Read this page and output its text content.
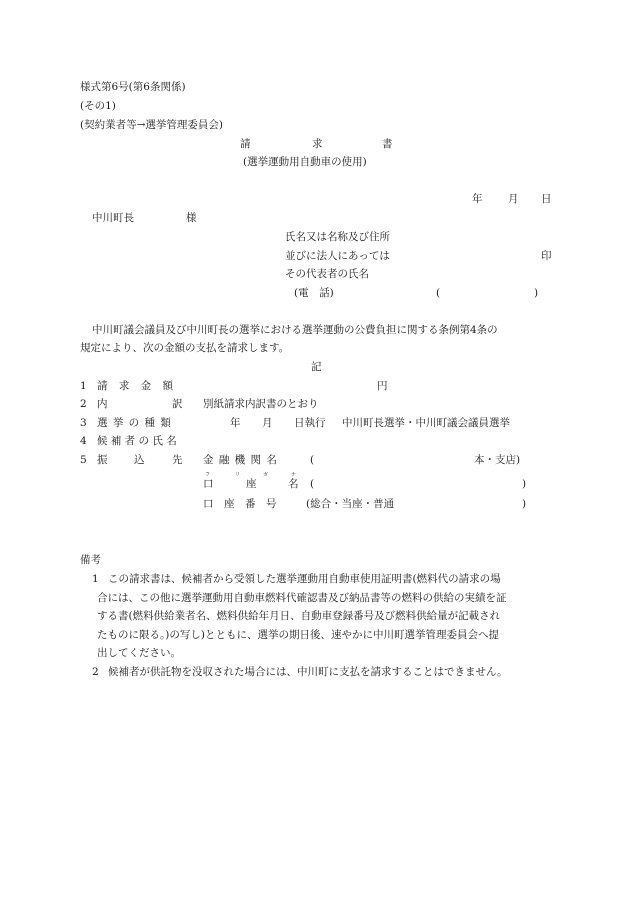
様式第6号(第6条関係)
(その1)
(契約業者等→選挙管理委員会)
請	求	書
(選挙運動用自動車の使用)
年 月 日
中川町長	様
氏名又は名称及び住所
並びに法人にあっては	印
その代表者の氏名
(電　話)	(	)
中川町議会議員及び中川町長の選挙における選挙運動の公費負担に関する条例第4条の
規定により、次の金額の支払を請求します。
記
1 請 求 金 額	円
2 内	訳 別紙請求内訳書のとおり
3 選 挙 の 種 類	年 月 日執行 中川町長選挙・中川町議会議員選挙
4 候 補 者 の 氏 名
5 振	込	先 金 融 機 関 名	(	本・支店)
フ	リ	ガ	ナ
口	座	名 (	)
口　座　番　号	(総合・当座・普通	)
備考
1 この請求書は、候補者から受領した選挙運動用自動車使用証明書(燃料代の請求の場
合には、この他に選挙運動用自動車燃料代確認書及び納品書等の燃料の供給の実績を証
する書(燃料供給業者名、燃料供給年月日、自動車登録番号及び燃料供給量が記載され
たものに限る。)の写し)とともに、選挙の期日後、速やかに中川町選挙管理委員会へ提
出してください。
2 候補者が供託物を没収された場合には、中川町に支払を請求することはできません。
